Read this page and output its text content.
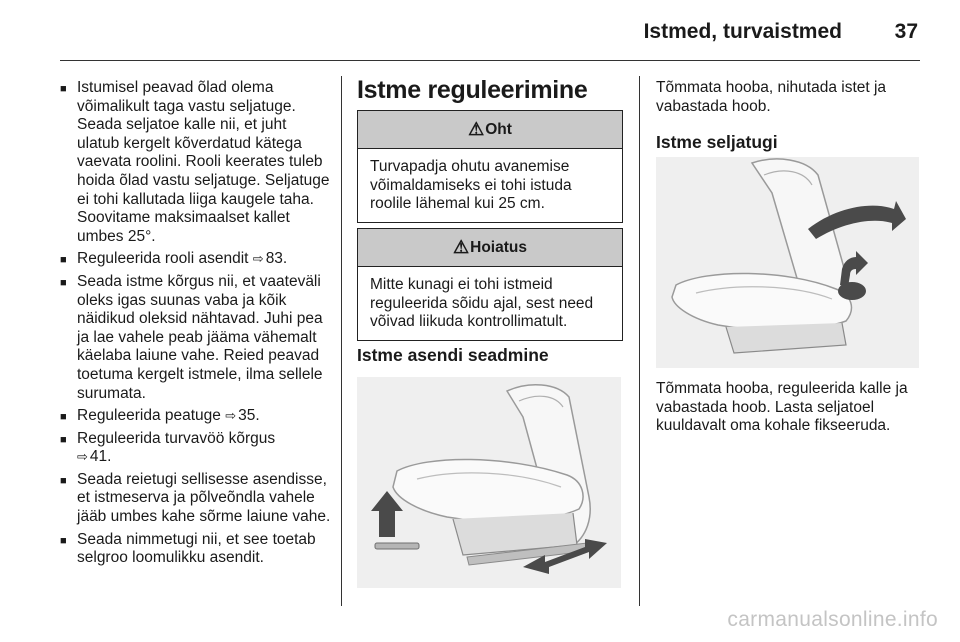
Istmed, turvaistmed	37
■ Istumisel peavad õlad olema võimalikult taga vastu seljatuge. Seada seljatoe kalle nii, et juht ulatub kergelt kõverdatud kätega vaevata roolini. Rooli keerates tuleb hoida õlad vastu seljatuge. Seljatuge ei tohi kallutada liiga kaugele taha. Soovitame maksimaalset kallet umbes 25°.
■ Reguleerida rooli asendit ⇨ 83.
■ Seada istme kõrgus nii, et vaateväli oleks igas suunas vaba ja kõik näidikud oleksid nähtavad. Juhi pea ja lae vahele peab jääma vähemalt käelaba laiune vahe. Reied peavad toetuma kergelt istmele, ilma sellele surumata.
■ Reguleerida peatuge ⇨ 35.
■ Reguleerida turvavöö kõrgus
⇨ 41.
■ Seada reietugi sellisesse asendisse, et istmeserva ja põlveõndla vahele jääb umbes kahe sõrme laiune vahe.
■ Seada nimmetugi nii, et see toetab selgroo loomulikku asendit.
Istme reguleerimine
⚠ Oht
Turvapadja ohutu avanemise võimaldamiseks ei tohi istuda roolile lähemal kui 25 cm.
⚠ Hoiatus
Mitte kunagi ei tohi istmeid reguleerida sõidu ajal, sest need võivad liikuda kontrollimatult.
Istme asendi seadmine

Tõmmata hooba, nihutada istet ja vabastada hoob.

Istme seljatugi

Tõmmata hooba, reguleerida kalle ja vabastada hoob. Lasta seljatoel kuuldavalt oma kohale fikseeruda.

carmanualsonline.info
